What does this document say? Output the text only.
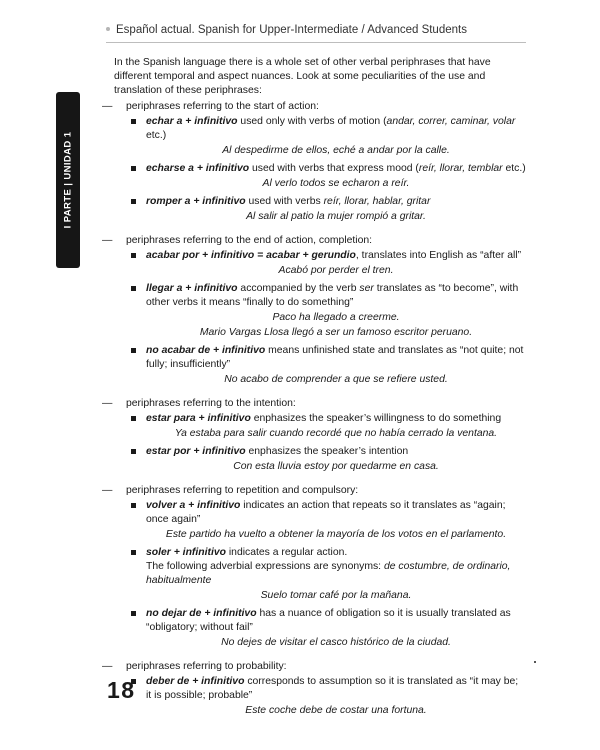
Español actual. Spanish for Upper-Intermediate / Advanced Students
I PARTE | UNIDAD 1

In the Spanish language there is a whole set of other verbal periphrases that have different temporal and aspect nuances. Look at some peculiarities of the use and translation of these periphrases:

— periphrases referring to the start of action:
echar a + infinitivo used only with verbs of motion (andar, correr, caminar, volar etc.)
Al despedirme de ellos, eché a andar por la calle.
echarse a + infinitivo used with verbs that express mood (reír, llorar, temblar etc.)
Al verlo todos se echaron a reír.
romper a + infinitivo used with verbs reír, llorar, hablar, gritar
Al salir al patio la mujer rompió a gritar.
— periphrases referring to the end of action, completion:
acabar por + infinitivo = acabar + gerundio, translates into English as “after all”
Acabó por perder el tren.
llegar a + infinitivo accompanied by the verb ser translates as “to become”, with other verbs it means “finally to do something”
Paco ha llegado a creerme.
Mario Vargas Llosa llegó a ser un famoso escritor peruano.
no acabar de + infinitivo means unfinished state and translates as “not quite; not fully; insufficiently”
No acabo de comprender a que se refiere usted.
— periphrases referring to the intention:
estar para + infinitivo enphasizes the speaker’s willingness to do something
Ya estaba para salir cuando recordé que no había cerrado la ventana.
estar por + infinitivo enphasizes the speaker’s intention
Con esta lluvia estoy por quedarme en casa.
— periphrases referring to repetition and compulsory:
volver a + infinitivo indicates an action that repeats so it translates as “again; once again”
Este partido ha vuelto a obtener la mayoría de los votos en el parlamento.
soler + infinitivo indicates a regular action.
The following adverbial expressions are synonyms: de costumbre, de ordinario, habitualmente
Suelo tomar café por la mañana.
no dejar de + infinitivo has a nuance of obligation so it is usually translated as “obligatory; without fail”
No dejes de visitar el casco histórico de la ciudad.
— periphrases referring to probability:
deber de + infinitivo corresponds to assumption so it is translated as “it may be; it is possible; probable”
Este coche debe de costar una fortuna.
18
